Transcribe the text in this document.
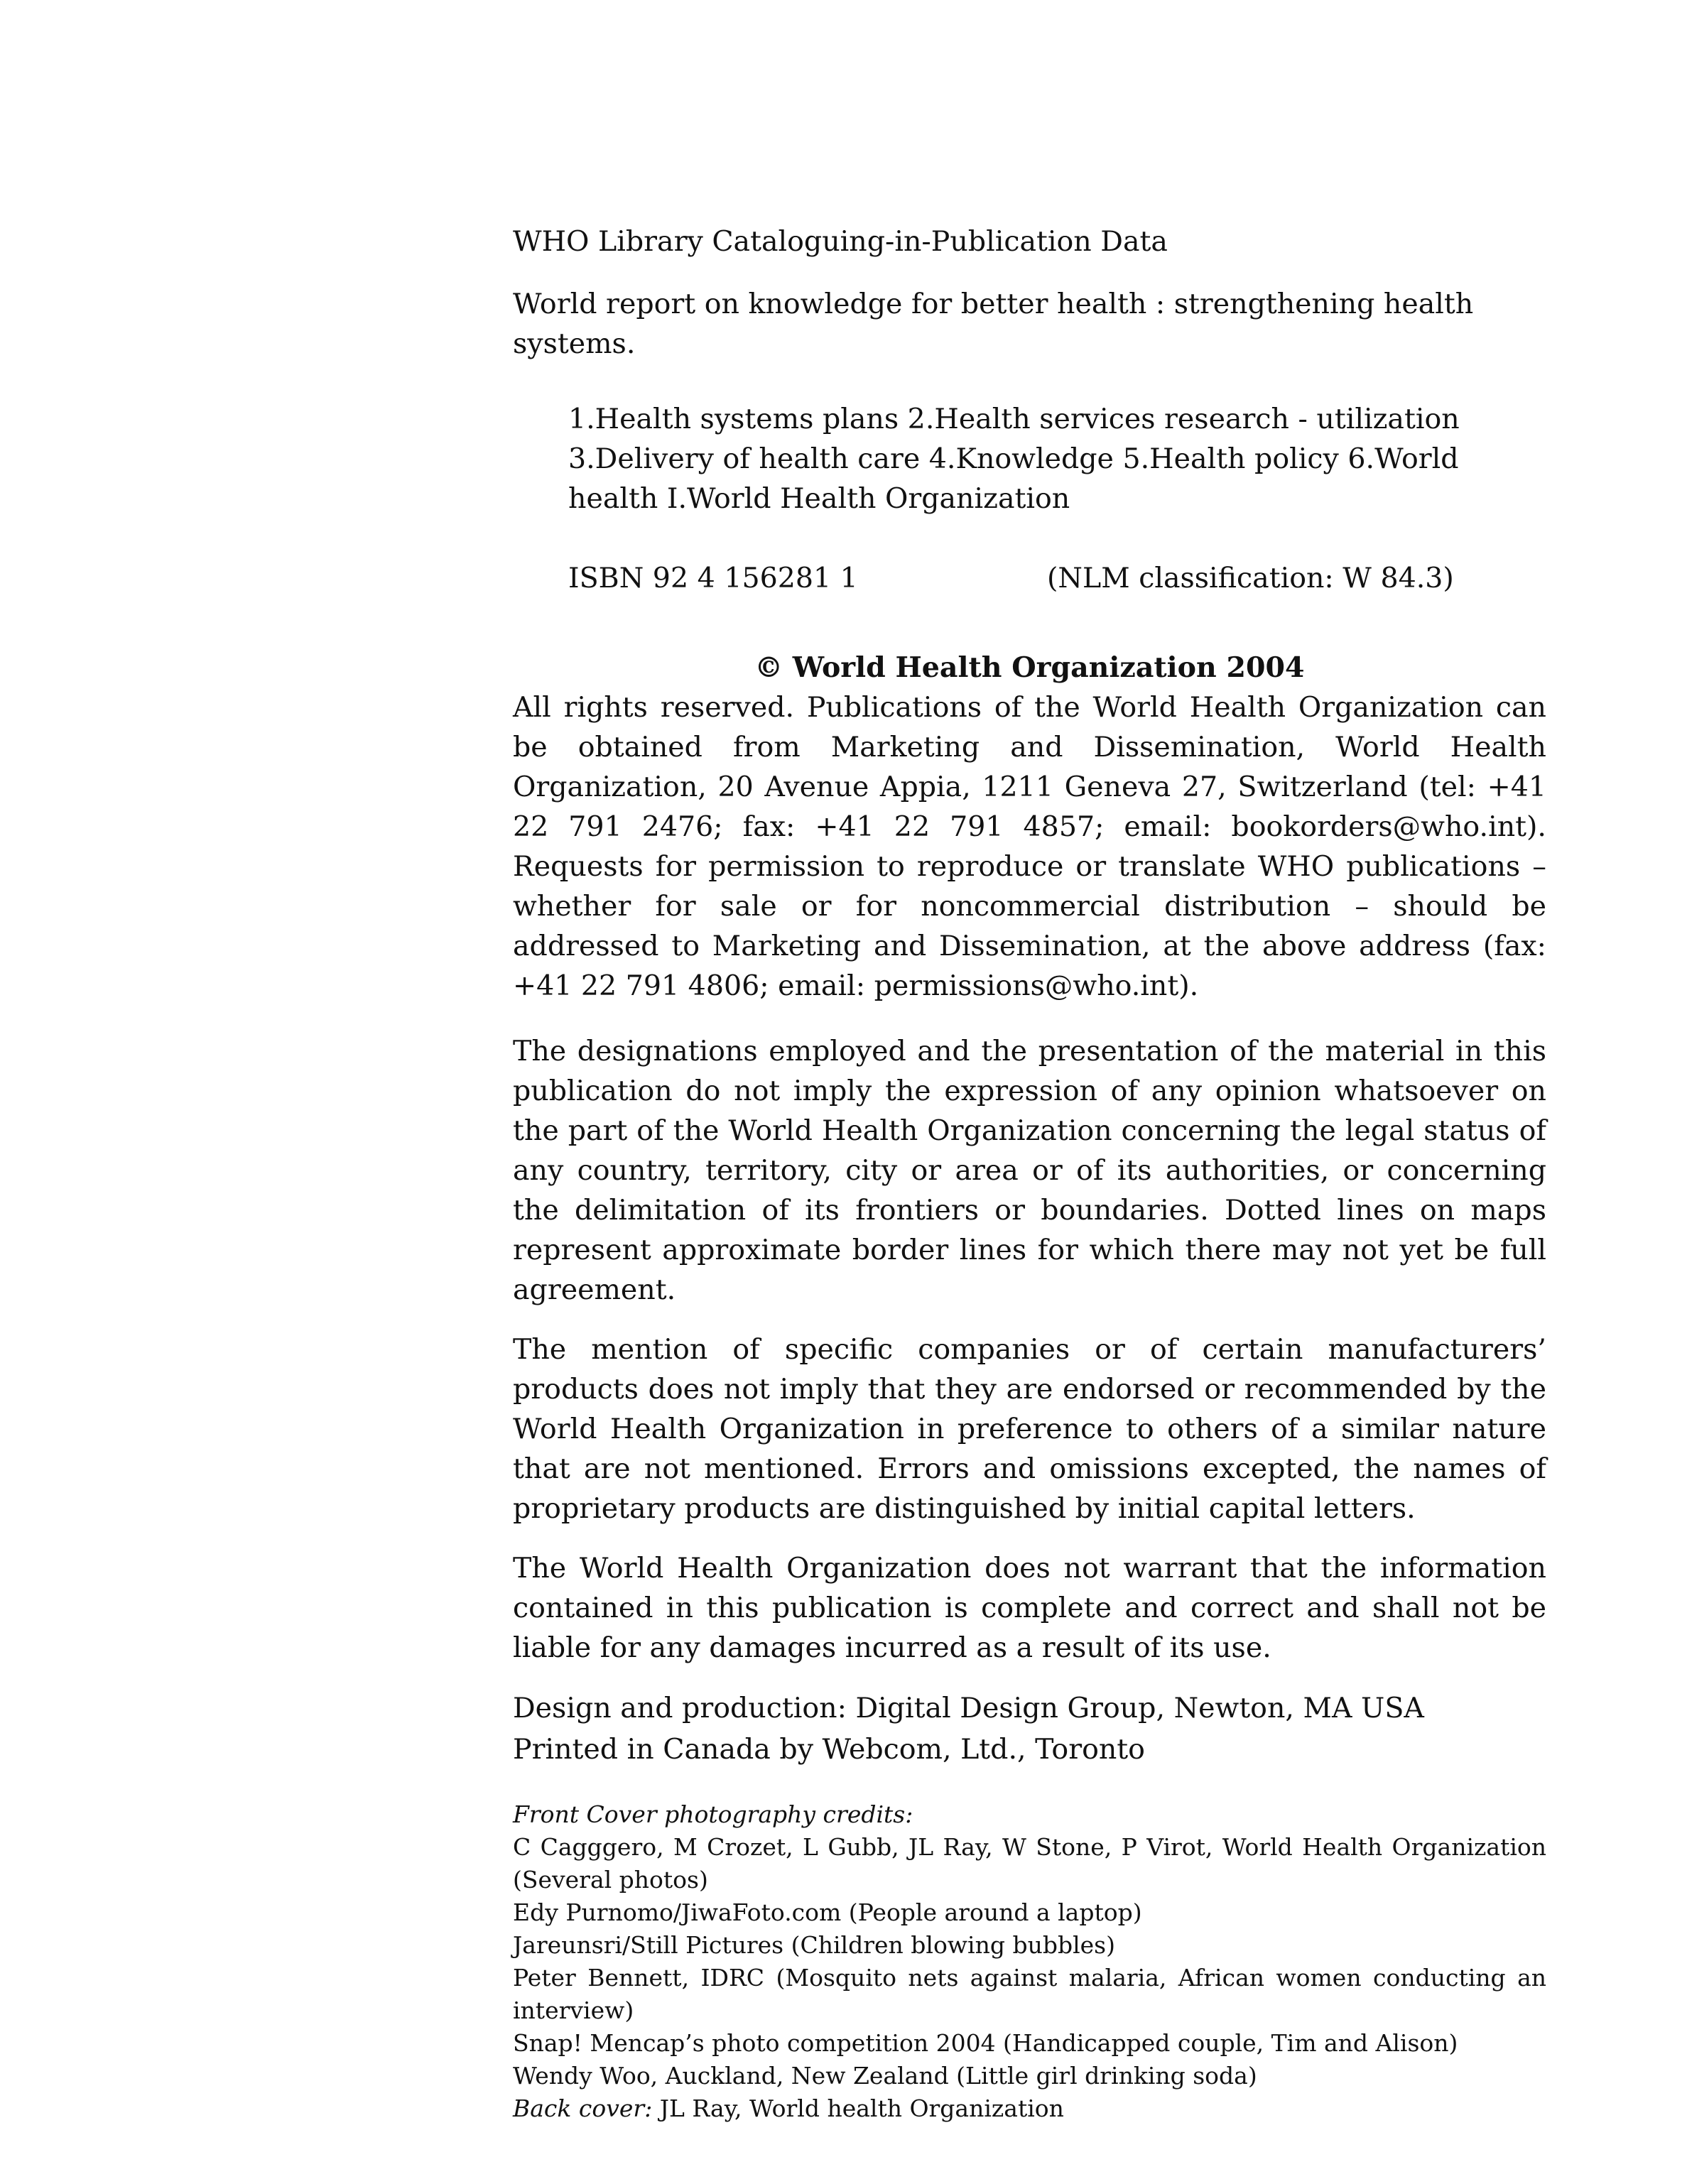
WHO Library Cataloguing-in-Publication Data

World report on knowledge for better health : strengthening health systems.

1.Health systems plans 2.Health services research - utilization 3.Delivery of health care 4.Knowledge 5.Health policy 6.World health I.World Health Organization

ISBN 92 4 156281 1	(NLM classification: W 84.3)

© World Health Organization 2004

All rights reserved. Publications of the World Health Organization can be obtained from Marketing and Dissemination, World Health Organization, 20 Avenue Appia, 1211 Geneva 27, Switzerland (tel: +41 22 791 2476; fax: +41 22 791 4857; email: bookorders@who.int). Requests for permission to reproduce or translate WHO publications – whether for sale or for noncommercial distribution – should be addressed to Marketing and Dissemination, at the above address (fax: +41 22 791 4806; email: permissions@who.int).

The designations employed and the presentation of the material in this publication do not imply the expression of any opinion whatsoever on the part of the World Health Organization concerning the legal status of any country, territory, city or area or of its authorities, or concerning the delimitation of its frontiers or boundaries. Dotted lines on maps represent approximate border lines for which there may not yet be full agreement.

The mention of specific companies or of certain manufacturers’ products does not imply that they are endorsed or recommended by the World Health Organization in preference to others of a similar nature that are not mentioned. Errors and omissions excepted, the names of proprietary products are distinguished by initial capital letters.

The World Health Organization does not warrant that the information contained in this publication is complete and correct and shall not be liable for any damages incurred as a result of its use.

Design and production: Digital Design Group, Newton, MA USA
Printed in Canada by Webcom, Ltd., Toronto
Front Cover photography credits:
C Cagggero, M Crozet, L Gubb, JL Ray, W Stone, P Virot, World Health Organization (Several photos)
Edy Purnomo/JiwaFoto.com (People around a laptop)
Jareunsri/Still Pictures (Children blowing bubbles)
Peter Bennett, IDRC (Mosquito nets against malaria, African women conducting an interview)
Snap! Mencap’s photo competition 2004 (Handicapped couple, Tim and Alison)
Wendy Woo, Auckland, New Zealand (Little girl drinking soda)
Back cover: JL Ray, World health Organization
